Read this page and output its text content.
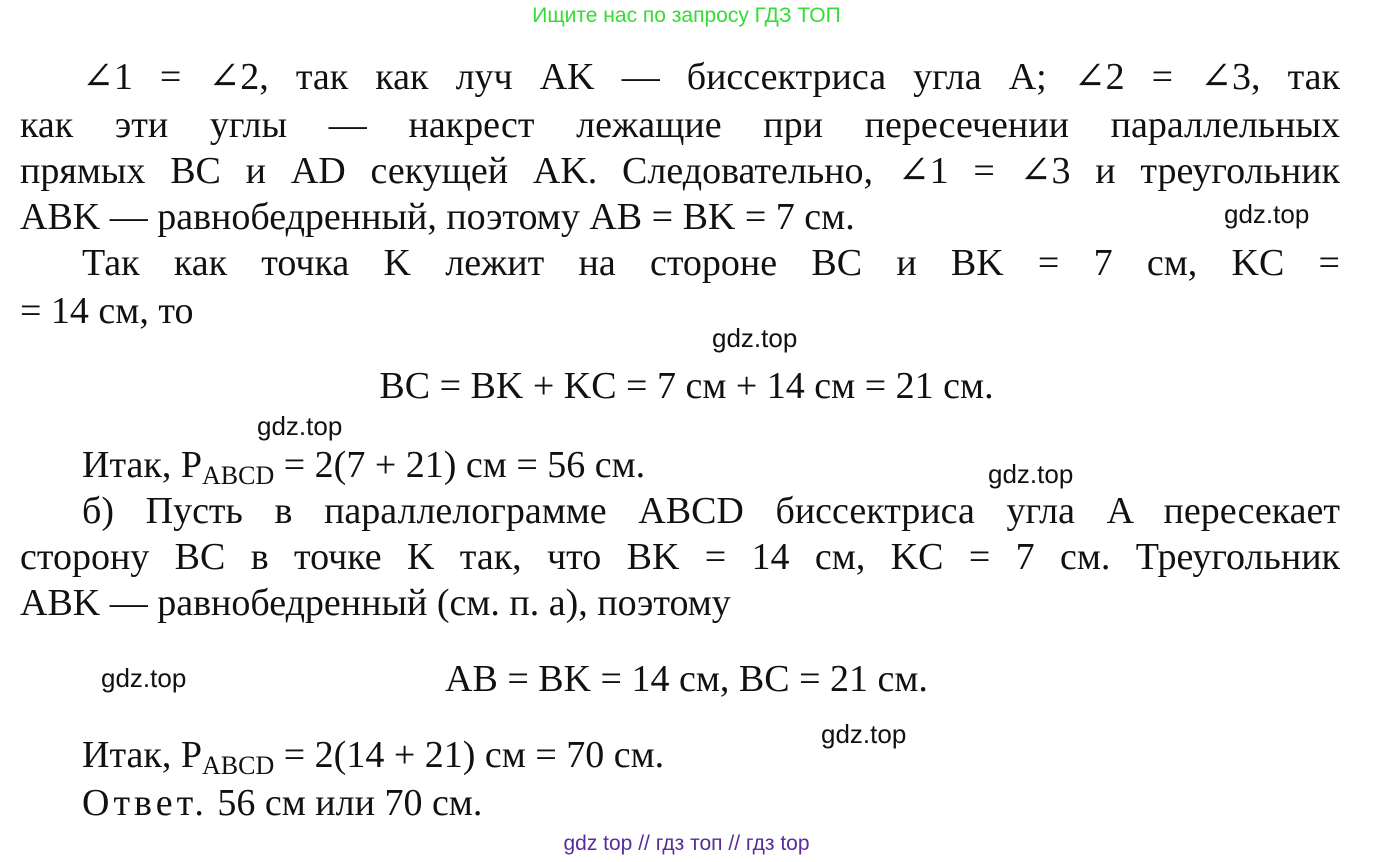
Ищите нас по запросу ГДЗ ТОП
∠1 = ∠2, так как луч AK — биссектриса угла A; ∠2 = ∠3, так
как эти углы — накрест лежащие при пересечении параллельных
прямых BC и AD секущей AK. Следовательно, ∠1 = ∠3 и треугольник
ABK — равнобедренный, поэтому AB = BK = 7 см.
Так как точка K лежит на стороне BC и BK = 7 см, KC =
= 14 см, то
BC = BK + KC = 7 см + 14 см = 21 см.
Итак, $P_{ABCD} = 2(7 + 21)$ см = 56 см.
б) Пусть в параллелограмме ABCD биссектриса угла A пересекает
сторону BC в точке K так, что BK = 14 см, KC = 7 см. Треугольник
ABK — равнобедренный (см. п. а), поэтому
AB = BK = 14 см, BC = 21 см.
Итак, $P_{ABCD} = 2(14 + 21)$ см = 70 см.
Ответ. 56 см или 70 см.
gdz.top
gdz.top
gdz.top
gdz.top
gdz.top
gdz.top
gdz top // гдз топ // гдз top
